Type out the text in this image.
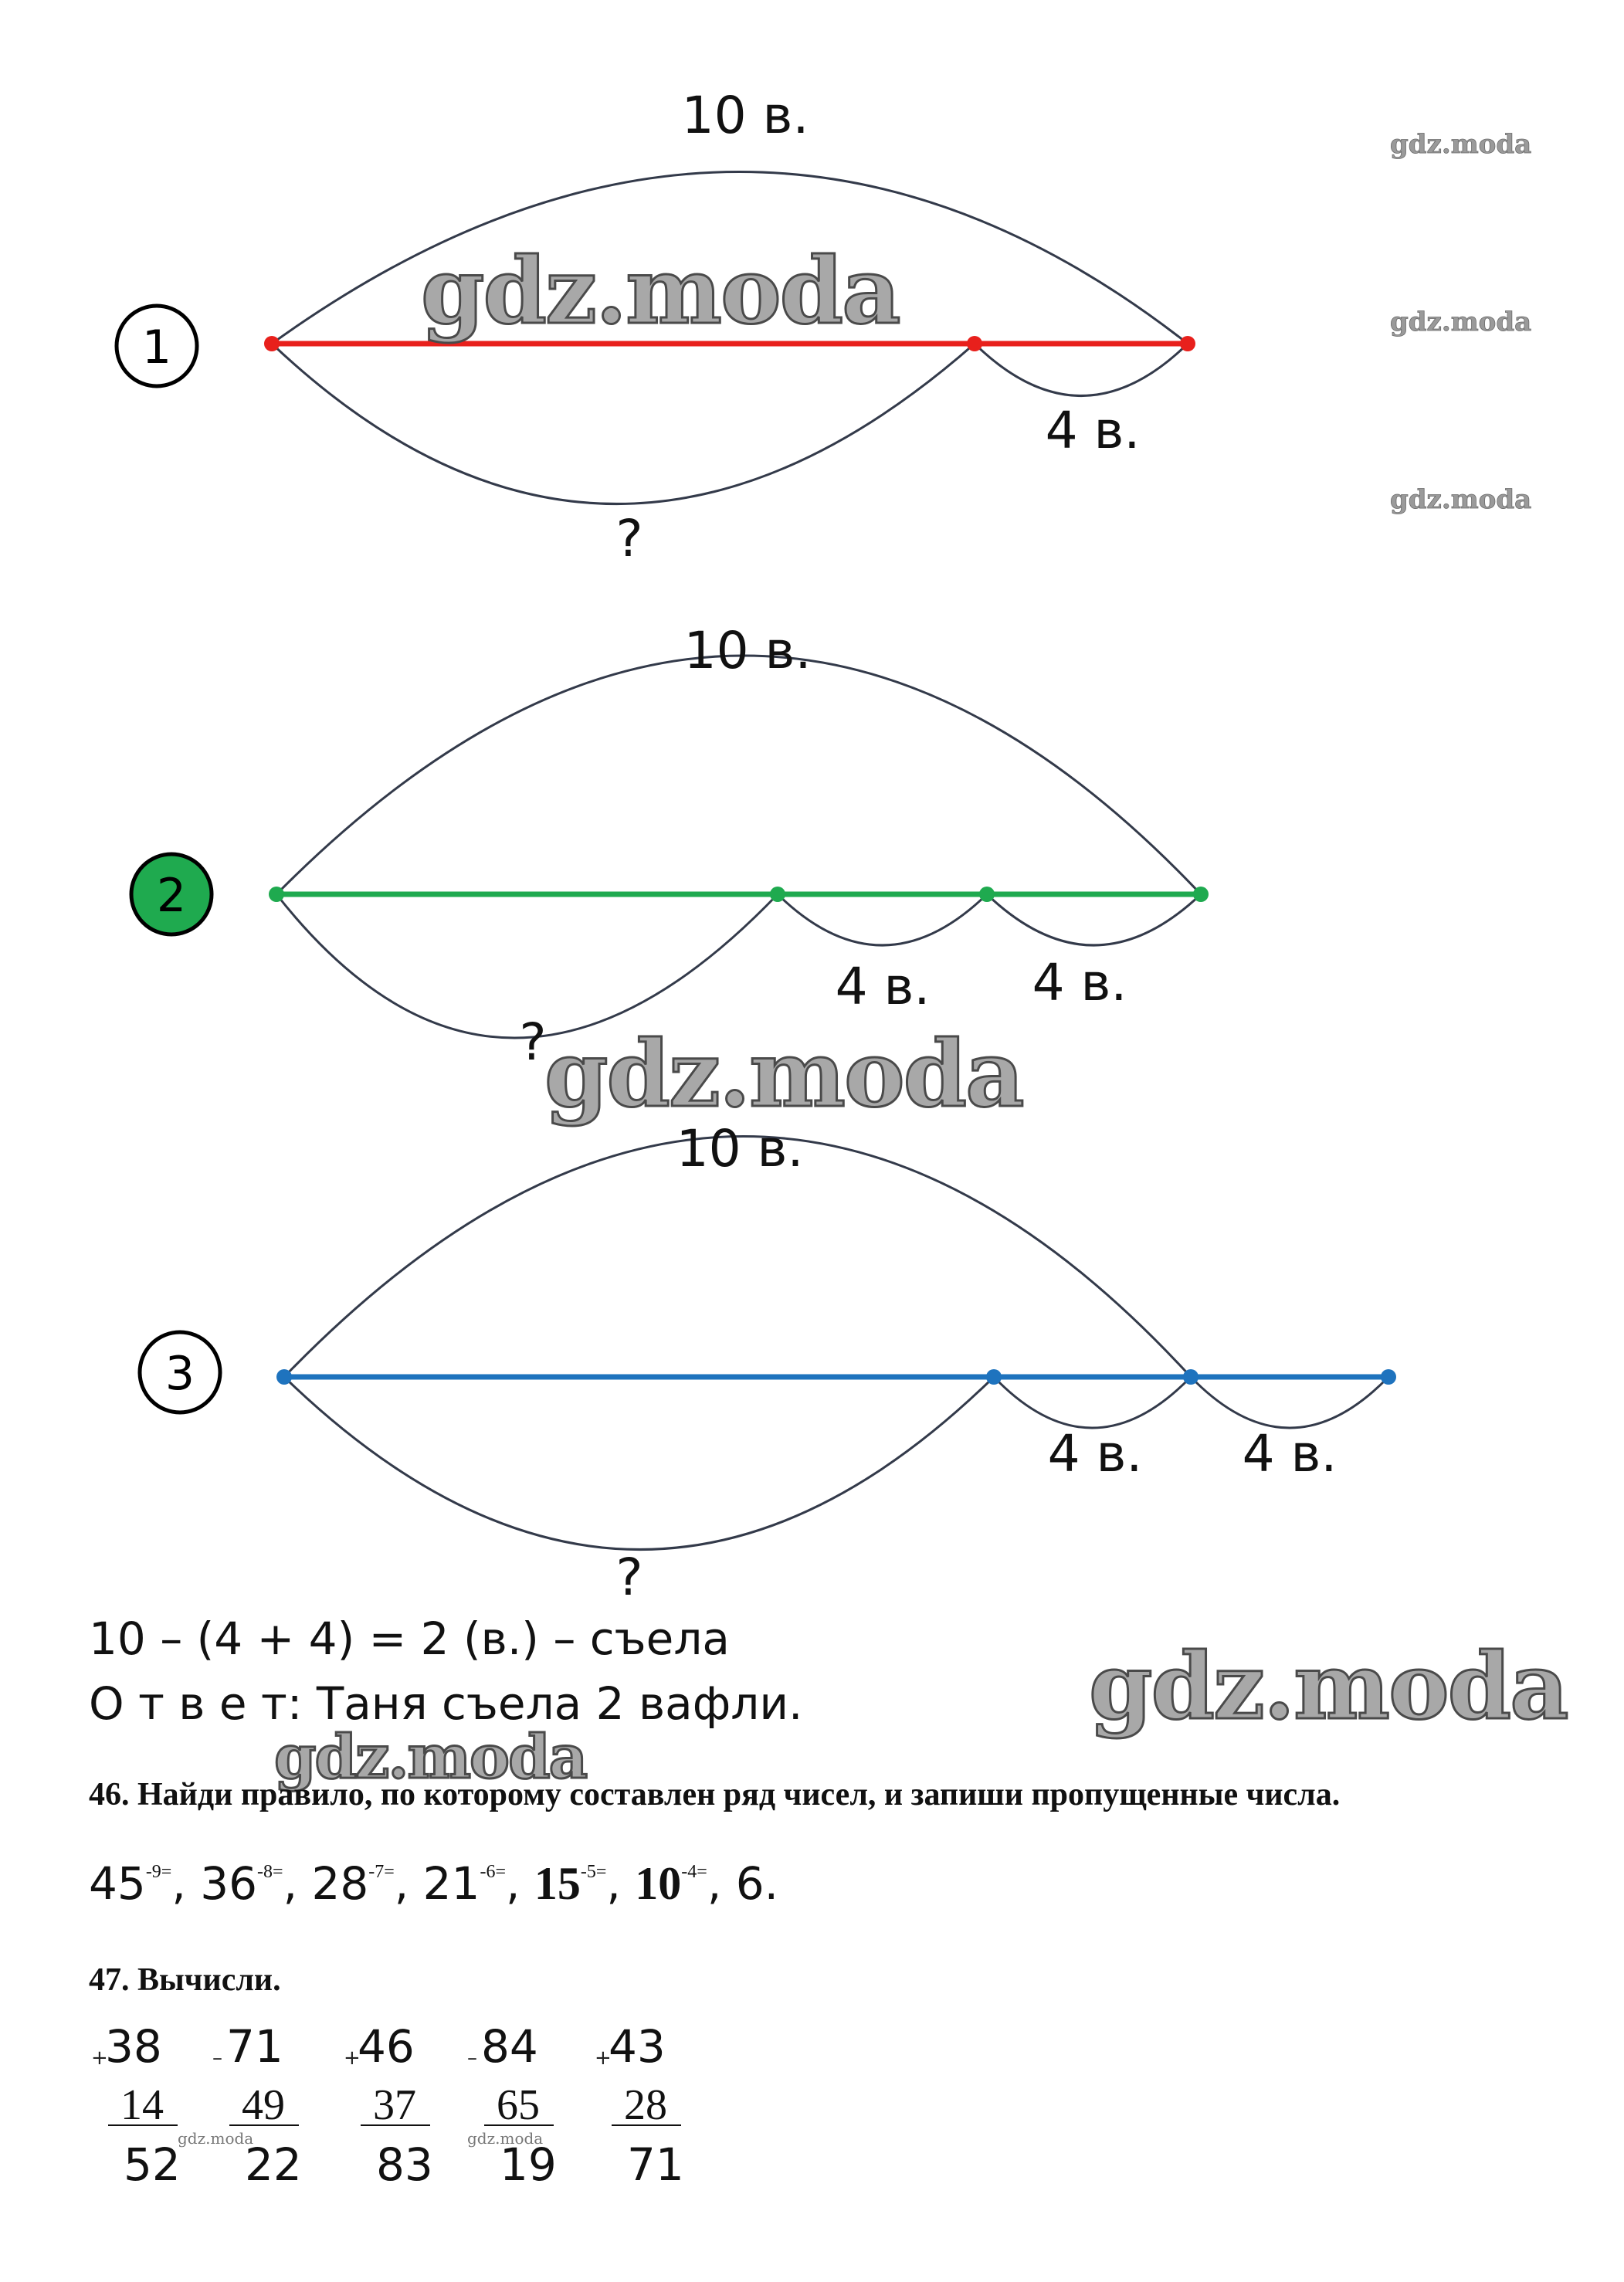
1
10 в.
4 в.
?
2
10 в.
4 в. 4 в.
?
3
10 в.
4 в. 4 в.
?
+
38
14
52
– 71
49
22
+
46
37
83
– 84
65
19
+
43
28
71
gdz.moda
gdz.moda
gdz.moda
gdz.moda
gdz.moda
gdz.moda
gdz.moda
gdz.moda	gdz.moda
10 – (4 + 4) = 2 (в.) – съела
О т в е т: Таня съела 2 вафли.
46. Найди правило, по которому составлен ряд чисел, и запиши пропущенные числа.
$45^{-9=}$, $36^{-8=}$, $28^{-7=}$, $21^{-6=}$, $15^{-5=}$, $10^{-4=}$, 6.
47. Вычисли.
